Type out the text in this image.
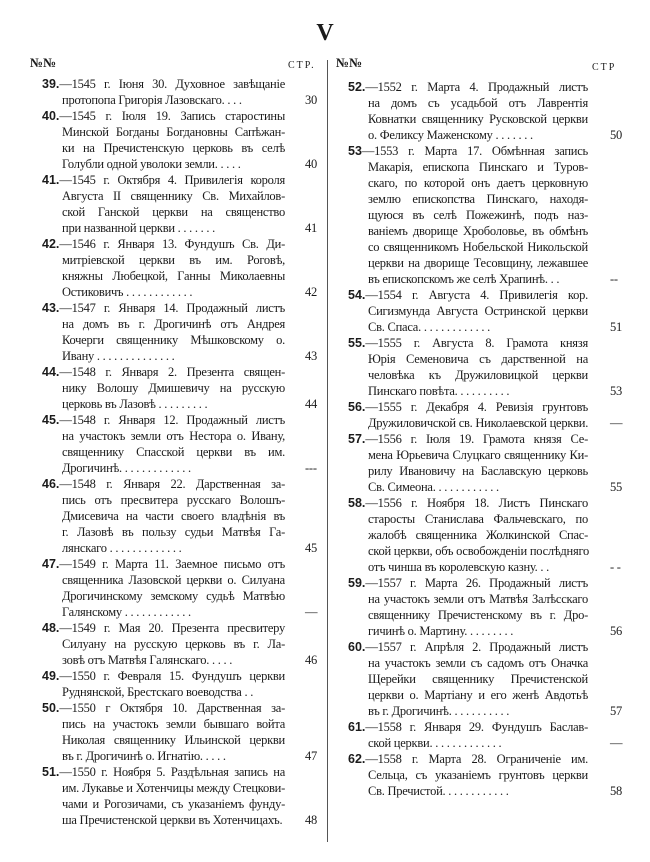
V
№№	СТР.
39.—1545 г. Іюня 30. Духовное завѣщаніе
протопопа Григорія Лазовскаго. . . .	30
40.—1545 г. Іюля 19. Запись старостины
Минской Богданы Богдановны Сапѣжан-
ки на Пречистенскую церковь въ селѣ
Голубли одной уволоки земли. . . . .	40
41.—1545 г. Октября 4. Привилегія короля
Августа II священнику Св. Михайлов-
ской Ганской церкви на священство
при названной церкви . . . . . . .	41
42.—1546 г. Января 13. Фундушъ Св. Ди-
митріевской церкви въ им. Роговѣ,
княжны Любецкой, Ганны Миколаевны
Остиковичъ . . . . . . . . . . . .	42
43.—1547 г. Января 14. Продажный листъ
на домъ въ г. Дрогичинѣ отъ Андрея
Кочерги священнику Мѣшковскому о.
Ивану . . . . . . . . . . . . . .	43
44.—1548 г. Января 2. Презента священ-
нику Волошу Дмишевичу на русскую
церковь въ Лазовѣ . . . . . . . . .	44
45.—1548 г. Января 12. Продажный листъ
на участокъ земли отъ Нестора о. Ивану,
священнику Спасской церкви въ им.
Дрогичинѣ. . . . . . . . . . . . .	---
46.—1548 г. Января 22. Дарственная за-
пись отъ пресвитера русскаго Волошъ-
Дмисевича на части своего владѣнія въ
г. Лазовѣ въ пользу судьи Матвѣя Га-
лянскаго . . . . . . . . . . . . .	45
47.—1549 г. Марта 11. Заемное письмо отъ
священника Лазовской церкви о. Силуана
Дрогичинскому земскому судьѣ Матвѣю
Галянскому . . . . . . . . . . . .	—
48.—1549 г. Мая 20. Презента пресвитеру
Силуану на русскую церковь въ г. Ла-
зовѣ отъ Матвѣя Галянскаго. . . . .	46
49.—1550 г. Февраля 15. Фундушъ церкви
Руднянской, Брестскаго воеводства . .
50.—1550 г Октября 10. Дарственная за-
пись на участокъ земли бывшаго войта
Николая священнику Ильинской церкви
въ г. Дрогичинѣ о. Игнатію. . . . .	47
51.—1550 г. Ноября 5. Раздѣльная запись на
им. Лукавье и Хотенчицы между Стецкови-
чами и Рогозичами, съ указаніемъ фунду-
ша Пречистенской церкви въ Хотенчицахъ. 48
№№	СТР
52.—1552 г. Марта 4. Продажный листъ
на домъ съ усадьбой отъ Лаврентія
Ковнатки священнику Русковской церкви
о. Феликсу Маженскому . . . . . . .	50
53—1553 г. Марта 17. Обмѣнная запись
Макарія, епископа Пинскаго и Туров-
скаго, по которой онъ даетъ церковную
землю епископства Пинскаго, находя-
щуюся въ селѣ Пожежинѣ, подъ наз-
ваніемъ дворище Хроболовье, въ обмѣнъ
со священникомъ Нобельской Никольской
церкви на дворище Тесовщину, лежавшее
въ епископскомъ же селѣ Храпинѣ. . .	--
54.—1554 г. Августа 4. Привилегія кор.
Сигизмунда Августа Остринской церкви
Св. Спаса. . . . . . . . . . . . .	51
55.—1555 г. Августа 8. Грамота князя
Юрія Семеновича съ дарственной на
человѣка къ Дружиловицкой церкви
Пинскаго повѣта. . . . . . . . . .	53
56.—1555 г. Декабря 4. Ревизія грунтовъ
Дружиловичской св. Николаевской церкви. —
57.—1556 г. Іюля 19. Грамота князя Се-
мена Юрьевича Слуцкаго священнику Ки-
рилу Ивановичу на Баславскую церковь
Св. Симеона. . . . . . . . . . . .	55
58.—1556 г. Ноября 18. Листъ Пинскаго
старосты Станислава Фальчевскаго, по
жалобѣ священника Жолкинской Спас-
ской церкви, объ освобожденіи послѣдняго
отъ чинша въ королевскую казну. . .	- -
59.—1557 г. Марта 26. Продажный листъ
на участокъ земли отъ Матвѣя Залѣсскаго
священнику Пречистенскому въ г. Дро-
гичинѣ о. Мартину. . . . . . . . .	56
60.—1557 г. Апрѣля 2. Продажный листъ
на участокъ земли съ садомъ отъ Оначка
Щерейки священнику Пречистенской
церкви о. Мартіану и его женѣ Авдотьѣ
въ г. Дрогичинѣ. . . . . . . . . . .	57
61.—1558 г. Января 29. Фундушъ Баслав-
ской церкви. . . . . . . . . . . . .	—
62.—1558 г. Марта 28. Ограниченіе им.
Сельца, съ указаніемъ грунтовъ церкви
Св. Пречистой. . . . . . . . . . . .	58
